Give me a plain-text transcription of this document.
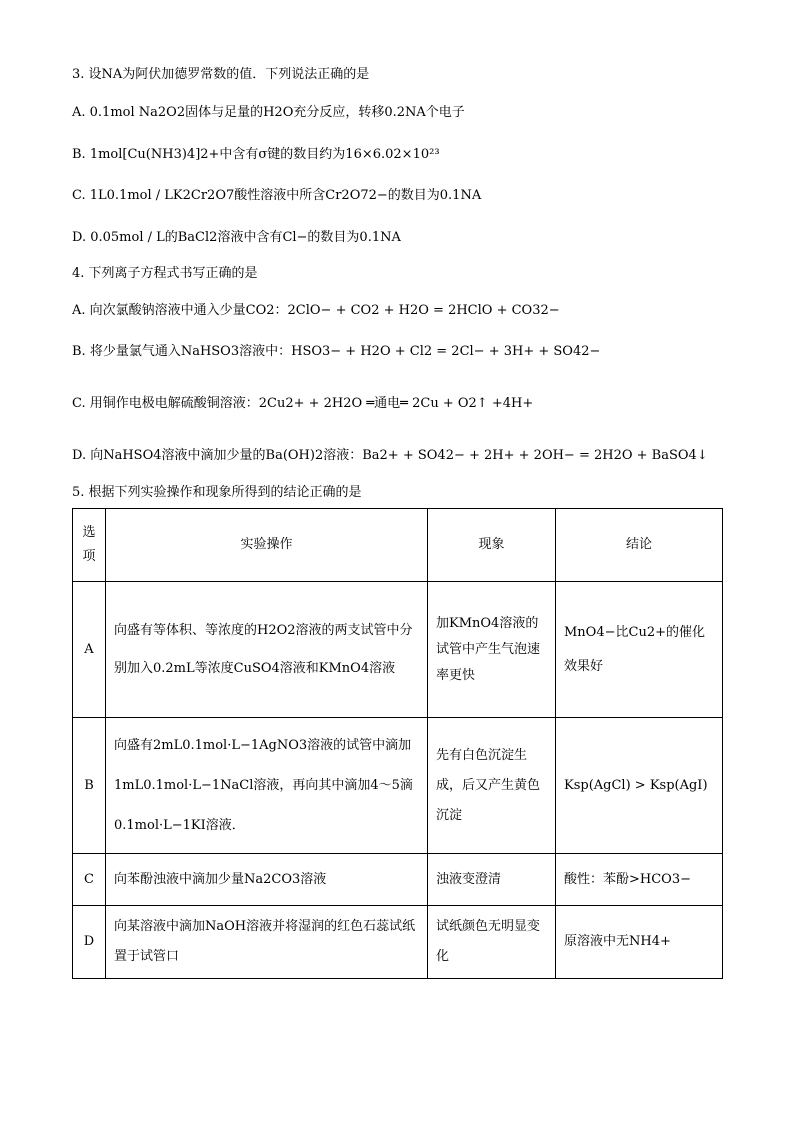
3. 设NA为阿伏加德罗常数的值．下列说法正确的是
A. 0.1mol Na2O2固体与足量的H2O充分反应，转移0.2NA个电子
B. 1mol[Cu(NH3)4]2+中含有σ键的数目约为16×6.02×10²³
C. 1L0.1mol / LK2Cr2O7酸性溶液中所含Cr2O72−的数目为0.1NA
D. 0.05mol / L的BaCl2溶液中含有Cl−的数目为0.1NA
4. 下列离子方程式书写正确的是
A. 向次氯酸钠溶液中通入少量CO2：2ClO− + CO2 + H2O = 2HClO + CO32−
B. 将少量氯气通入NaHSO3溶液中：HSO3− + H2O + Cl2 = 2Cl− + 3H+ + SO42−
C. 用铜作电极电解硫酸铜溶液：2Cu2+ + 2H2O ═通电═ 2Cu + O2↑ +4H+
D. 向NaHSO4溶液中滴加少量的Ba(OH)2溶液：Ba2+ + SO42− + 2H+ + 2OH− = 2H2O + BaSO4↓
5. 根据下列实验操作和现象所得到的结论正确的是
选项	实验操作	现象	结论
A	向盛有等体积、等浓度的H2O2溶液的两支试管中分别加入0.2mL等浓度CuSO4溶液和KMnO4溶液	加KMnO4溶液的试管中产生气泡速率更快	MnO4−比Cu2+的催化效果好

B	向盛有2mL0.1mol·L−1AgNO3溶液的试管中滴加1mL0.1mol·L−1NaCl溶液，再向其中滴加4～5滴0.1mol·L−1KI溶液．	先有白色沉淀生成，后又产生黄色沉淀	Ksp(AgCl) > Ksp(AgI)

C	向苯酚浊液中滴加少量Na2CO3溶液	浊液变澄清	酸性：苯酚>HCO3−
D	向某溶液中滴加NaOH溶液并将湿润的红色石蕊试纸置于试管口	试纸颜色无明显变化	原溶液中无NH4+
